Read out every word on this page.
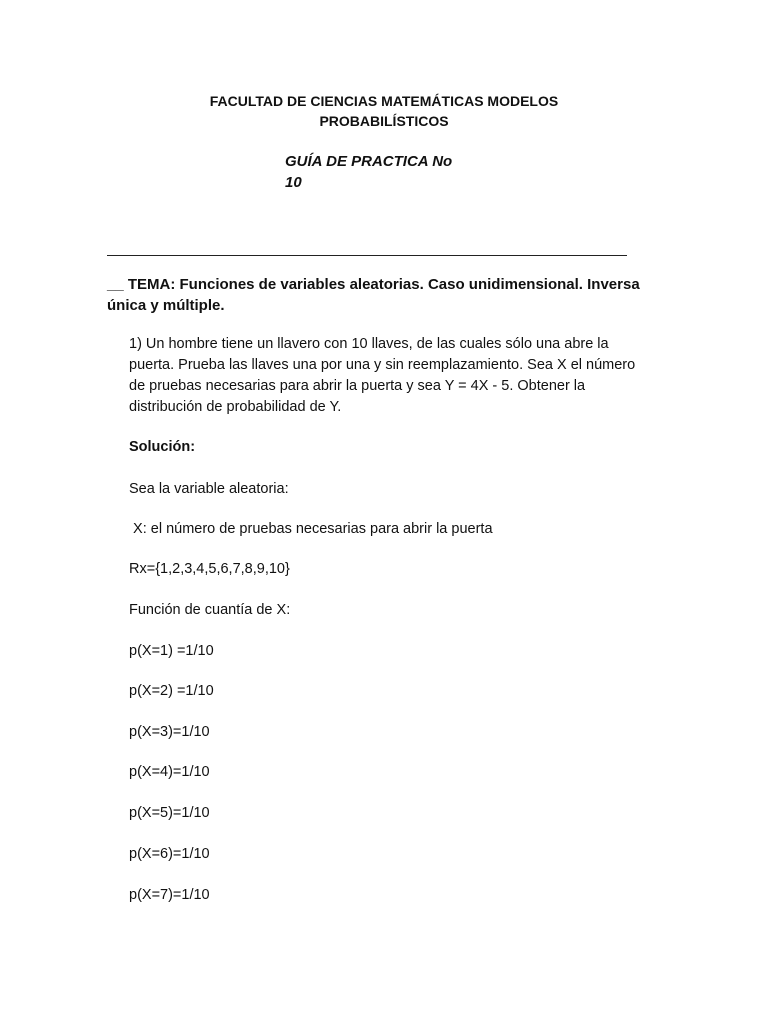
FACULTAD DE CIENCIAS MATEMÁTICAS MODELOS
PROBABILÍSTICOS
GUÍA DE PRACTICA No
10
__ TEMA: Funciones de variables aleatorias. Caso unidimensional. Inversa única y múltiple.
1) Un hombre tiene un llavero con 10 llaves, de las cuales sólo una abre la puerta. Prueba las llaves una por una y sin reemplazamiento. Sea X el número de pruebas necesarias para abrir la puerta y sea Y = 4X - 5. Obtener la distribución de probabilidad de Y.
Solución:
Sea la variable aleatoria:
X: el número de pruebas necesarias para abrir la puerta
Rx={1,2,3,4,5,6,7,8,9,10}
Función de cuantía de X:
p(X=1) =1/10
p(X=2) =1/10
p(X=3)=1/10
p(X=4)=1/10
p(X=5)=1/10
p(X=6)=1/10
p(X=7)=1/10
